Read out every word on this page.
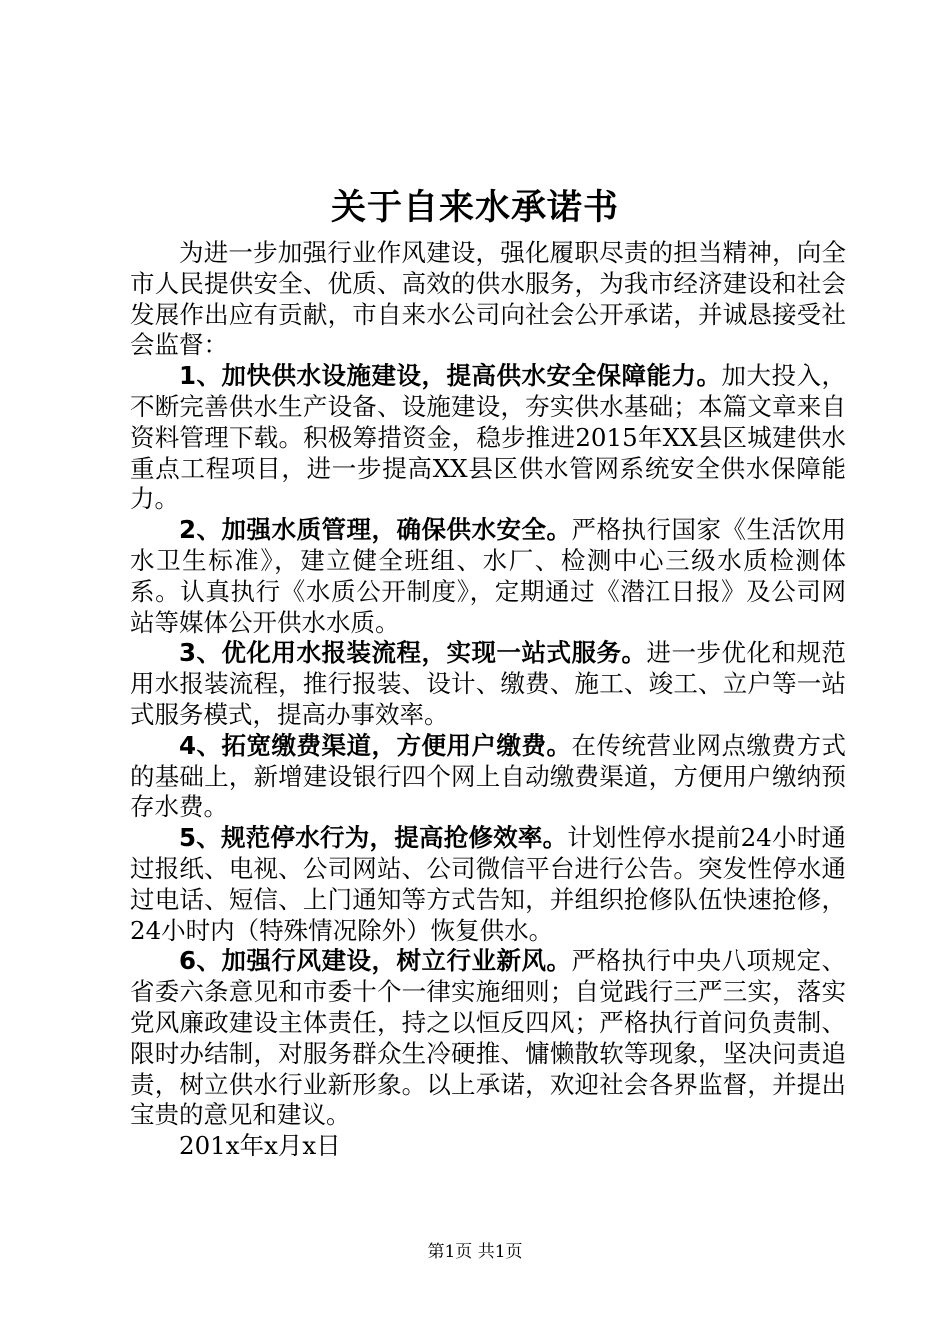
关于自来水承诺书

为进一步加强行业作风建设，强化履职尽责的担当精神，向全市人民提供安全、优质、高效的供水服务，为我市经济建设和社会发展作出应有贡献，市自来水公司向社会公开承诺，并诚恳接受社会监督：

1、加快供水设施建设，提高供水安全保障能力。加大投入，不断完善供水生产设备、设施建设，夯实供水基础；本篇文章来自资料管理下载。积极筹措资金，稳步推进2015年XX县区城建供水重点工程项目，进一步提高XX县区供水管网系统安全供水保障能力。

2、加强水质管理，确保供水安全。严格执行国家《生活饮用水卫生标准》，建立健全班组、水厂、检测中心三级水质检测体系。认真执行《水质公开制度》，定期通过《潜江日报》及公司网站等媒体公开供水水质。

3、优化用水报装流程，实现一站式服务。进一步优化和规范用水报装流程，推行报装、设计、缴费、施工、竣工、立户等一站式服务模式，提高办事效率。

4、拓宽缴费渠道，方便用户缴费。在传统营业网点缴费方式的基础上，新增建设银行四个网上自动缴费渠道，方便用户缴纳预存水费。

5、规范停水行为，提高抢修效率。计划性停水提前24小时通过报纸、电视、公司网站、公司微信平台进行公告。突发性停水通过电话、短信、上门通知等方式告知，并组织抢修队伍快速抢修，24小时内（特殊情况除外）恢复供水。

6、加强行风建设，树立行业新风。严格执行中央八项规定、省委六条意见和市委十个一律实施细则；自觉践行三严三实，落实党风廉政建设主体责任，持之以恒反四风；严格执行首问负责制、限时办结制，对服务群众生冷硬推、慵懒散软等现象，坚决问责追责，树立供水行业新形象。以上承诺，欢迎社会各界监督，并提出宝贵的意见和建议。

201x年x月x日

第1页 共1页
